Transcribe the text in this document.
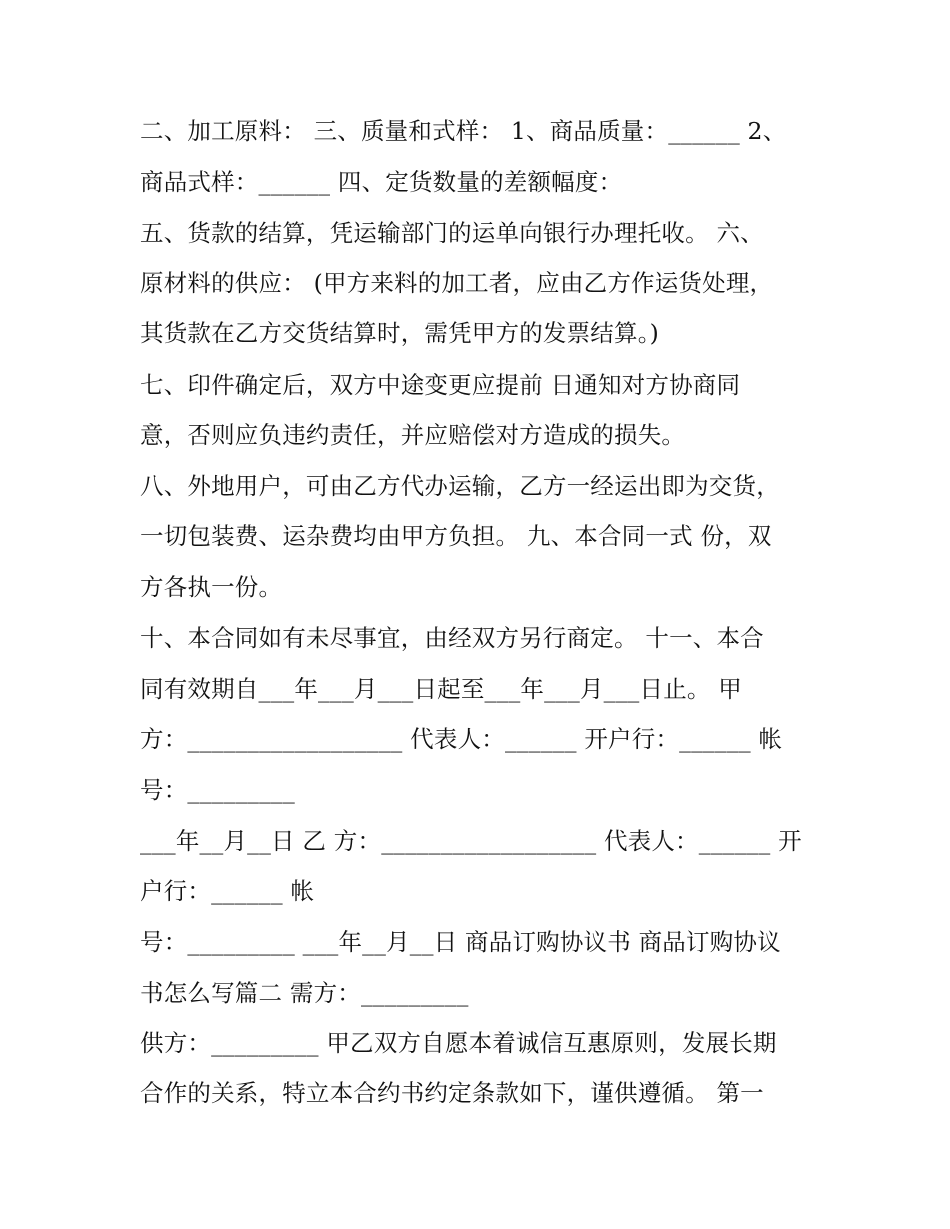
二、加工原料： 三、质量和式样： 1、商品质量：______ 2、
商品式样：______ 四、定货数量的差额幅度：
五、货款的结算，凭运输部门的运单向银行办理托收。 六、
原材料的供应： (甲方来料的加工者，应由乙方作运货处理，
其货款在乙方交货结算时，需凭甲方的发票结算。)
七、印件确定后，双方中途变更应提前 日通知对方协商同
意，否则应负违约责任，并应赔偿对方造成的损失。
八、外地用户，可由乙方代办运输，乙方一经运出即为交货，
一切包装费、运杂费均由甲方负担。 九、本合同一式 份，双
方各执一份。
十、本合同如有未尽事宜，由经双方另行商定。 十一、本合
同有效期自___年___月___日起至___年___月___日止。 甲
方：__________________ 代表人：______ 开户行：______ 帐
号：_________
___年__月__日 乙 方：__________________ 代表人：______ 开
户行：______ 帐
号：_________ ___年__月__日 商品订购协议书 商品订购协议
书怎么写篇二 需方：_________
供方：_________ 甲乙双方自愿本着诚信互惠原则，发展长期
合作的关系，特立本合约书约定条款如下，谨供遵循。 第一
